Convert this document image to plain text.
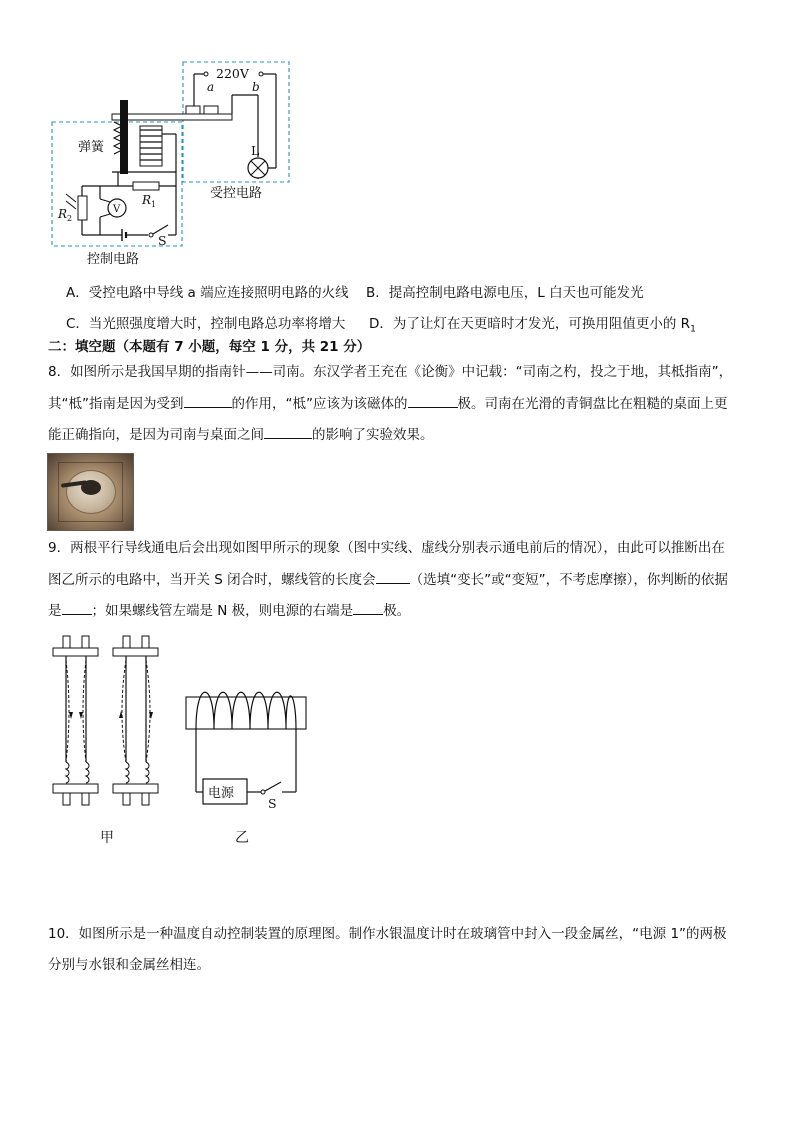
220V
a	b
弹簧	L
受控电路
R 1
R 2
V
S
控制电路
A．受控电路中导线 a 端应连接照明电路的火线 B．提高控制电路电源电压，L 白天也可能发光
C．当光照强度增大时，控制电路总功率将增大 D．为了让灯在天更暗时才发光，可换用阻值更小的 $R_1$
二：填空题（本题有 7 小题，每空 1 分，共 21 分）
8．如图所示是我国早期的指南针——司南。东汉学者王充在《论衡》中记载：“司南之杓，投之于地，其柢指南”，
其“柢”指南是因为受到	的作用，“柢”应该为该磁体的	极。司南在光滑的青铜盘比在粗糙的桌面上更
能正确指向，是因为司南与桌面之间	的影响了实验效果。
9．两根平行导线通电后会出现如图甲所示的现象（图中实线、虚线分别表示通电前后的情况），由此可以推断出在
图乙所示的电路中，当开关 S 闭合时，螺线管的长度会	（选填“变长”或“变短”，不考虑摩擦），你判断的依据
是 ；如果螺线管左端是 N 极，则电源的右端是 极。
电源
S
甲	乙
10．如图所示是一种温度自动控制装置的原理图。制作水银温度计时在玻璃管中封入一段金属丝，“电源 1”的两极
分别与水银和金属丝相连。
